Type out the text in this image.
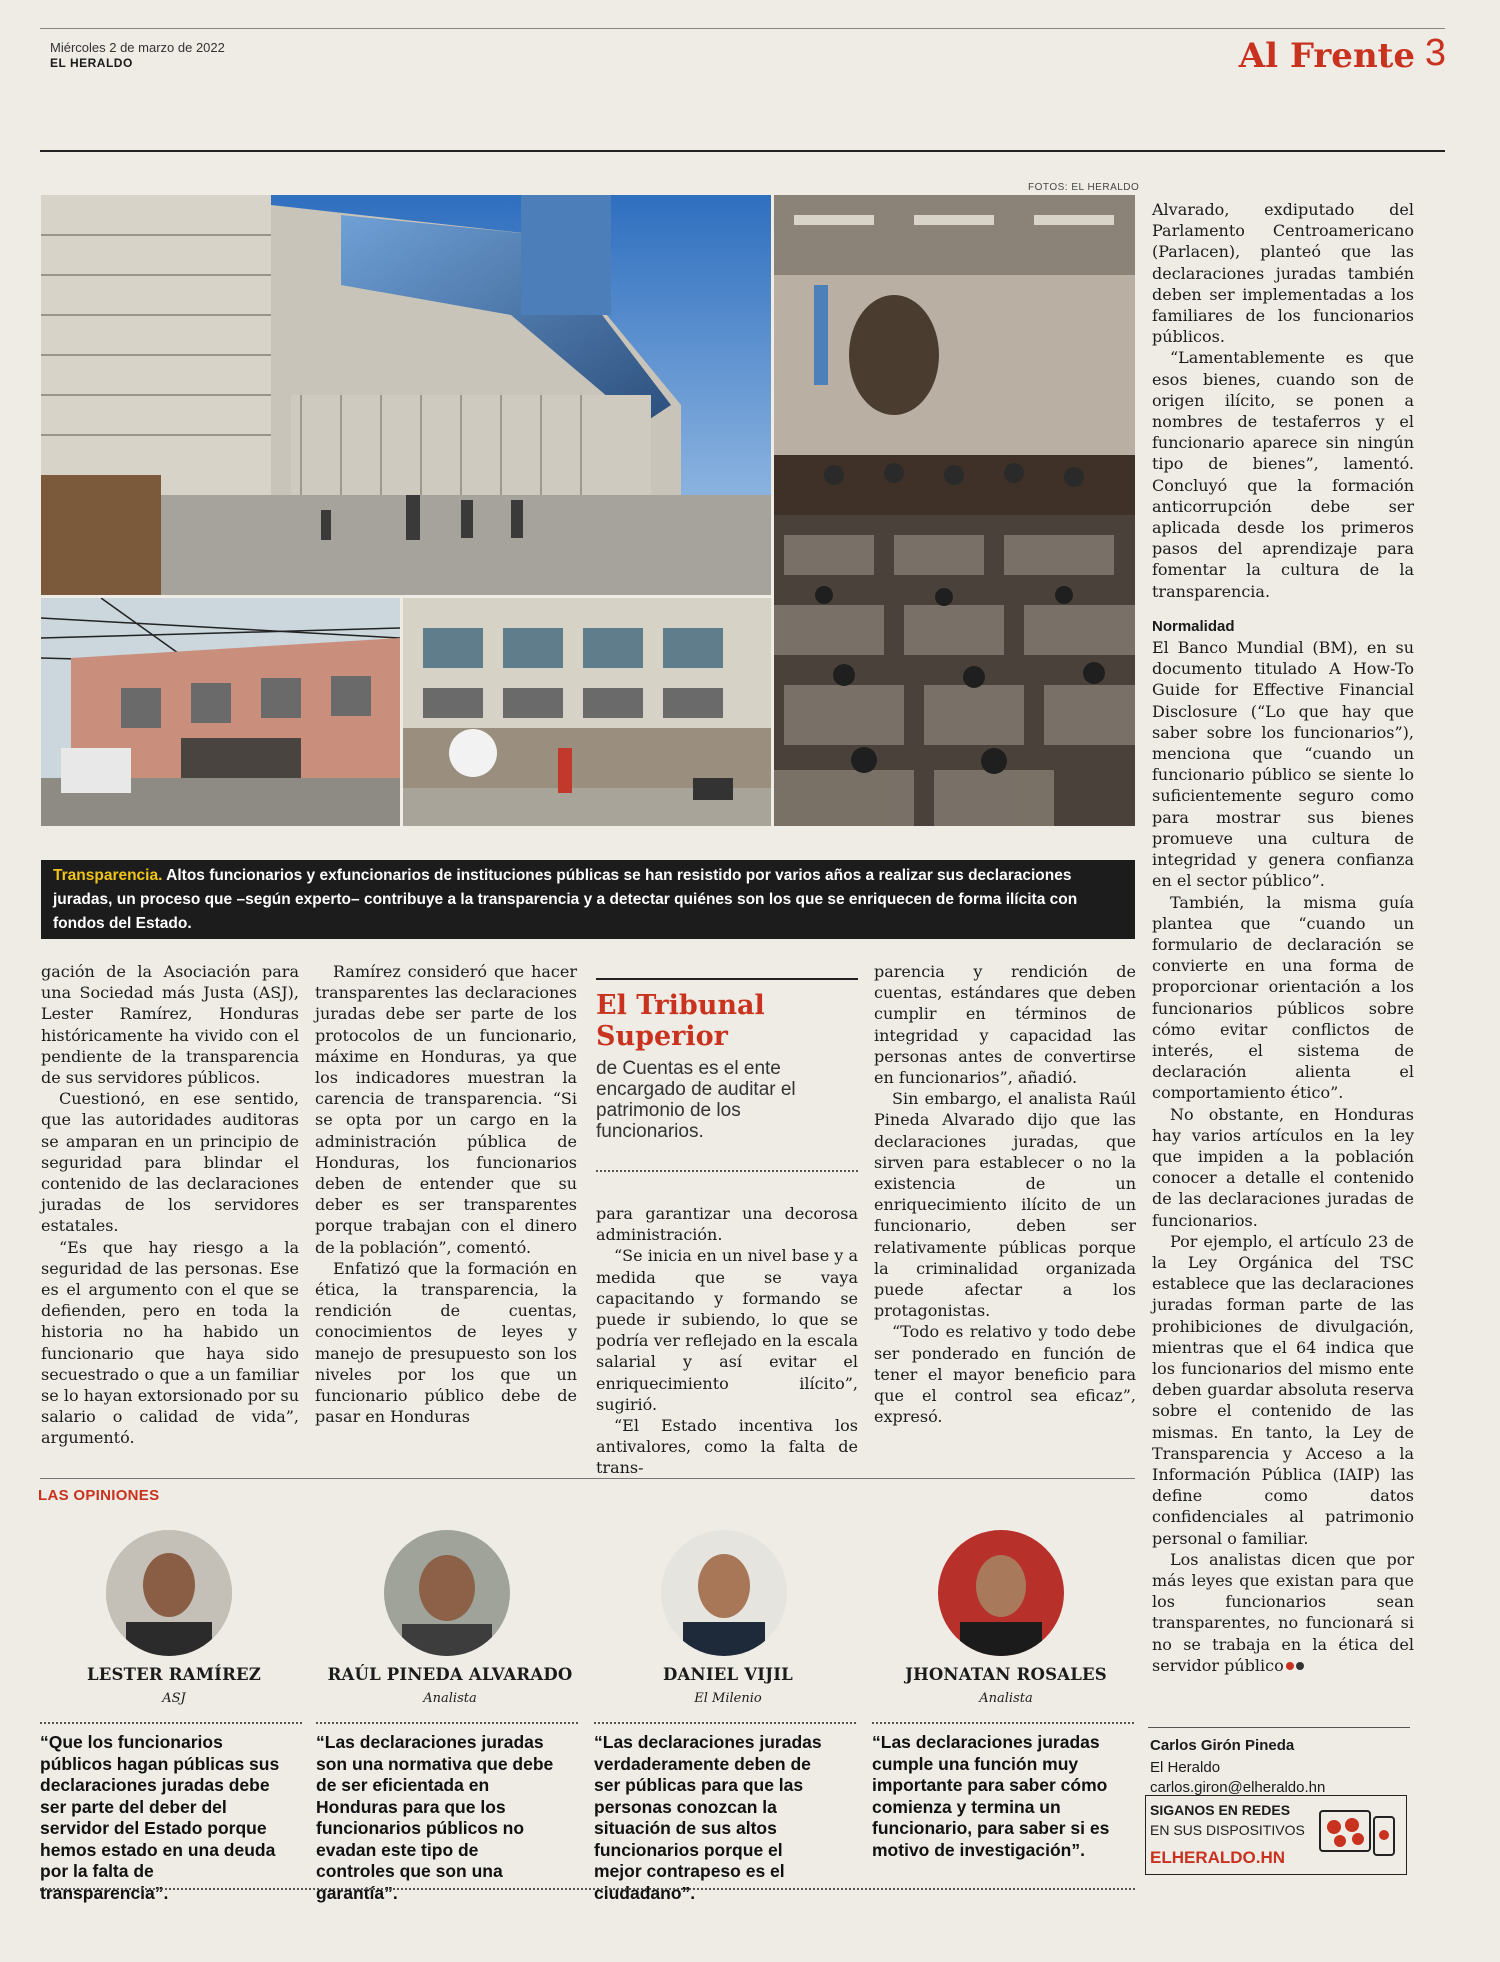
Miércoles 2 de marzo de 2022
EL HERALDO	Al Frente 3
FOTOS: EL HERALDO
Transparencia. Altos funcionarios y exfuncionarios de instituciones públicas se han resistido por varios años a realizar sus declaraciones juradas, un proceso que –según experto– contribuye a la transparencia y a detectar quiénes son los que se enriquecen de forma ilícita con fondos del Estado.

gación de la Asociación para una Sociedad más Justa (ASJ), Lester Ramírez, Honduras históricamente ha vivido con el pendiente de la transparencia de sus servidores públicos.

Cuestionó, en ese sentido, que las autoridades auditoras se amparan en un principio de seguridad para blindar el contenido de las declaraciones juradas de los servidores estatales.

“Es que hay riesgo a la seguridad de las personas. Ese es el argumento con el que se defienden, pero en toda la historia no ha habido un funcionario que haya sido secuestrado o que a un familiar se lo hayan extorsionado por su salario o calidad de vida”, argumentó.

Ramírez consideró que hacer transparentes las declaraciones juradas debe ser parte de los protocolos de un funcionario, máxime en Honduras, ya que los indicadores muestran la carencia de transparencia. “Si se opta por un cargo en la administración pública de Honduras, los funcionarios deben de entender que su deber es ser transparentes porque trabajan con el dinero de la población”, comentó.

Enfatizó que la formación en ética, la transparencia, la rendición de cuentas, conocimientos de leyes y manejo de presupuesto son los niveles por los que un funcionario público debe de pasar en Honduras

El Tribunal
Superior
de Cuentas es el ente encargado de auditar el patrimonio de los funcionarios.

para garantizar una decorosa administración.

“Se inicia en un nivel base y a medida que se vaya capacitando y formando se puede ir subiendo, lo que se podría ver reflejado en la escala salarial y así evitar el enriquecimiento ilícito”, sugirió.

“El Estado incentiva los antivalores, como la falta de trans-

parencia y rendición de cuentas, estándares que deben cumplir en términos de integridad y capacidad las personas antes de convertirse en funcionarios”, añadió.

Sin embargo, el analista Raúl Pineda Alvarado dijo que las declaraciones juradas, que sirven para establecer o no la existencia de un enriquecimiento ilícito de un funcionario, deben ser relativamente públicas porque la criminalidad organizada puede afectar a los protagonistas.

“Todo es relativo y todo debe ser ponderado en función de tener el mayor beneficio para que el control sea eficaz”, expresó.

Alvarado, exdiputado del Parlamento Centroamericano (Parlacen), planteó que las declaraciones juradas también deben ser implementadas a los familiares de los funcionarios públicos.

“Lamentablemente es que esos bienes, cuando son de origen ilícito, se ponen a nombres de testaferros y el funcionario aparece sin ningún tipo de bienes”, lamentó. Concluyó que la formación anticorrupción debe ser aplicada desde los primeros pasos del aprendizaje para fomentar la cultura de la transparencia.

Normalidad

El Banco Mundial (BM), en su documento titulado A How-To Guide for Effective Financial Disclosure (“Lo que hay que saber sobre los funcionarios”), menciona que “cuando un funcionario público se siente lo suficientemente seguro como para mostrar sus bienes promueve una cultura de integridad y genera confianza en el sector público”.

También, la misma guía plantea que “cuando un formulario de declaración se convierte en una forma de proporcionar orientación a los funcionarios públicos sobre cómo evitar conflictos de interés, el sistema de declaración alienta el comportamiento ético”.

No obstante, en Honduras hay varios artículos en la ley que impiden a la población conocer a detalle el contenido de las declaraciones juradas de funcionarios.

Por ejemplo, el artículo 23 de la Ley Orgánica del TSC establece que las declaraciones juradas forman parte de las prohibiciones de divulgación, mientras que el 64 indica que los funcionarios del mismo ente deben guardar absoluta reserva sobre el contenido de las mismas. En tanto, la Ley de Transparencia y Acceso a la Información Pública (IAIP) las define como datos confidenciales al patrimonio personal o familiar.

Los analistas dicen que por más leyes que existan para que los funcionarios sean transparentes, no funcionará si no se trabaja en la ética del servidor público

Carlos Girón Pineda
El Heraldo
carlos.giron@elheraldo.hn
SIGANOS EN REDES
EN SUS DISPOSITIVOS
ELHERALDO.HN
LAS OPINIONES
LESTER RAMÍREZ
ASJ
“Que los funcionarios públicos hagan públicas sus declaraciones juradas debe ser parte del deber del servidor del Estado porque hemos estado en una deuda por la falta de transparencia”.
RAÚL PINEDA ALVARADO
Analista
“Las declaraciones juradas son una normativa que debe de ser eficientada en Honduras para que los funcionarios públicos no evadan este tipo de controles que son una garantía”.
DANIEL VIJIL
El Milenio
“Las declaraciones juradas verdaderamente deben de ser públicas para que las personas conozcan la situación de sus altos funcionarios porque el mejor contrapeso es el ciudadano”.
JHONATAN ROSALES
Analista
“Las declaraciones juradas cumple una función muy importante para saber cómo comienza y termina un funcionario, para saber si es motivo de investigación”.
